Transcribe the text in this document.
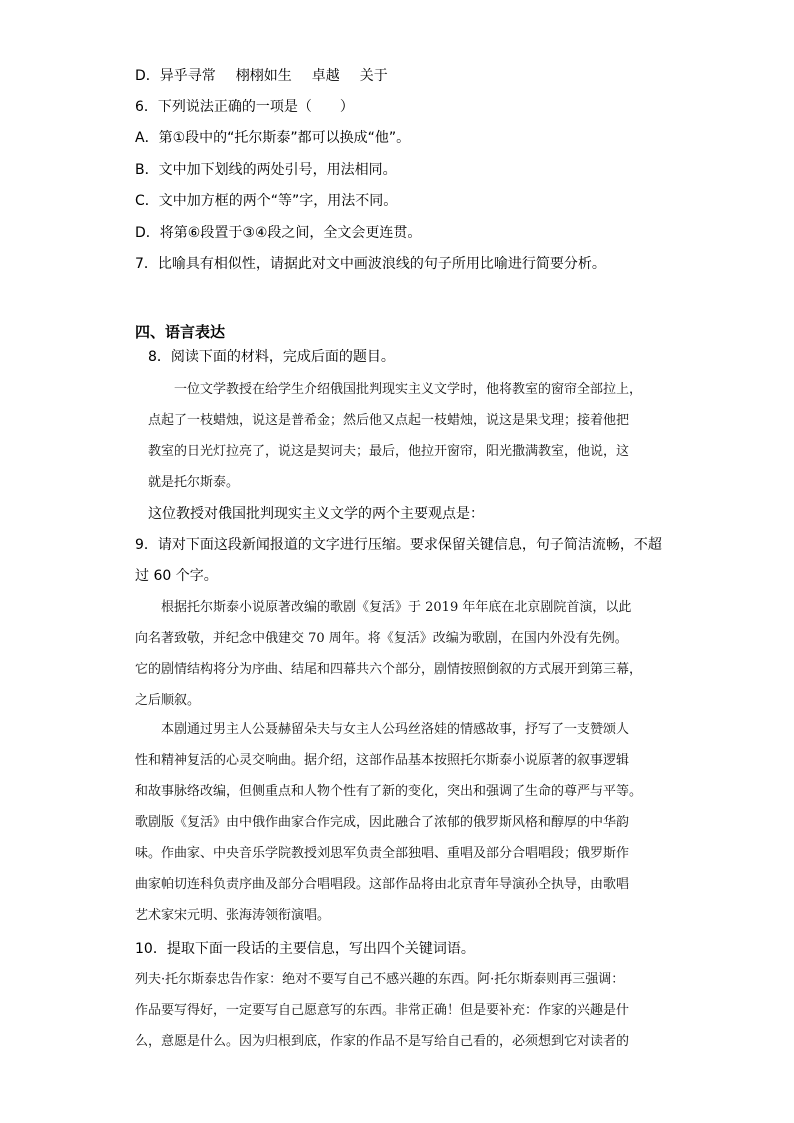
D．异乎寻常 栩栩如生 卓越 关于
6．下列说法正确的一项是（　　）
A．第①段中的“托尔斯泰”都可以换成“他”。
B．文中加下划线的两处引号，用法相同。
C．文中加方框的两个“等”字，用法不同。
D．将第⑥段置于③④段之间，全文会更连贯。
7．比喻具有相似性，请据此对文中画波浪线的句子所用比喻进行简要分析。
四、语言表达
8．阅读下面的材料，完成后面的题目。
一位文学教授在给学生介绍俄国批判现实主义文学时，他将教室的窗帘全部拉上，
点起了一枝蜡烛，说这是普希金；然后他又点起一枝蜡烛，说这是果戈理；接着他把
教室的日光灯拉亮了，说这是契诃夫；最后，他拉开窗帘，阳光撒满教室，他说，这
就是托尔斯泰。
这位教授对俄国批判现实主义文学的两个主要观点是：
9．请对下面这段新闻报道的文字进行压缩。要求保留关键信息，句子简洁流畅，不超
过 60 个字。
根据托尔斯泰小说原著改编的歌剧《复活》于 2019 年年底在北京剧院首演，以此
向名著致敬，并纪念中俄建交 70 周年。将《复活》改编为歌剧，在国内外没有先例。
它的剧情结构将分为序曲、结尾和四幕共六个部分，剧情按照倒叙的方式展开到第三幕，
之后顺叙。
本剧通过男主人公聂赫留朵夫与女主人公玛丝洛娃的情感故事，抒写了一支赞颂人
性和精神复活的心灵交响曲。据介绍，这部作品基本按照托尔斯泰小说原著的叙事逻辑
和故事脉络改编，但侧重点和人物个性有了新的变化，突出和强调了生命的尊严与平等。
歌剧版《复活》由中俄作曲家合作完成，因此融合了浓郁的俄罗斯风格和醇厚的中华韵
味。作曲家、中央音乐学院教授刘思军负责全部独唱、重唱及部分合唱唱段；俄罗斯作
曲家帕切连科负责序曲及部分合唱唱段。这部作品将由北京青年导演孙仝执导，由歌唱
艺术家宋元明、张海涛领衔演唱。
10．提取下面一段话的主要信息，写出四个关键词语。
列夫·托尔斯泰忠告作家：绝对不要写自己不感兴趣的东西。阿·托尔斯泰则再三强调：
作品要写得好，一定要写自己愿意写的东西。非常正确！但是要补充：作家的兴趣是什
么，意愿是什么。因为归根到底，作家的作品不是写给自己看的，必须想到它对读者的
